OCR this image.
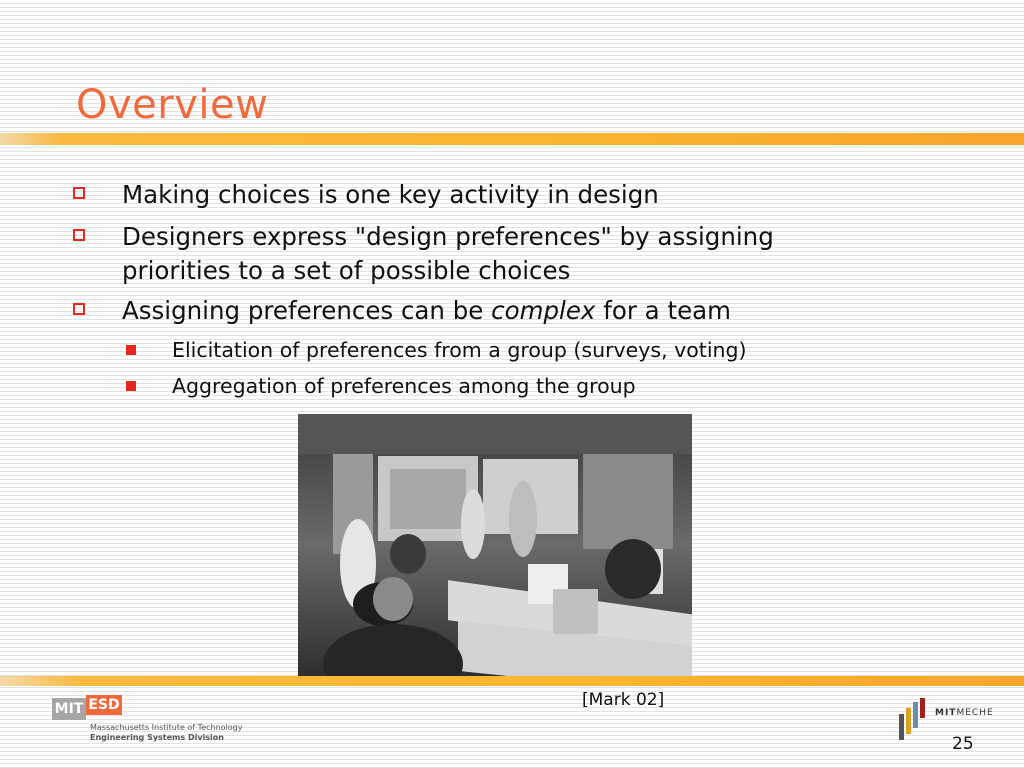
Overview
Making choices is one key activity in design
Designers express "design preferences" by assigning
priorities to a set of possible choices
Assigning preferences can be complex for a team
Elicitation of preferences from a group (surveys, voting)
Aggregation of preferences among the group
[Mark 02]
MIT ESD
Massachusetts Institute of Technology
Engineering Systems Division
MITMECHE
25
